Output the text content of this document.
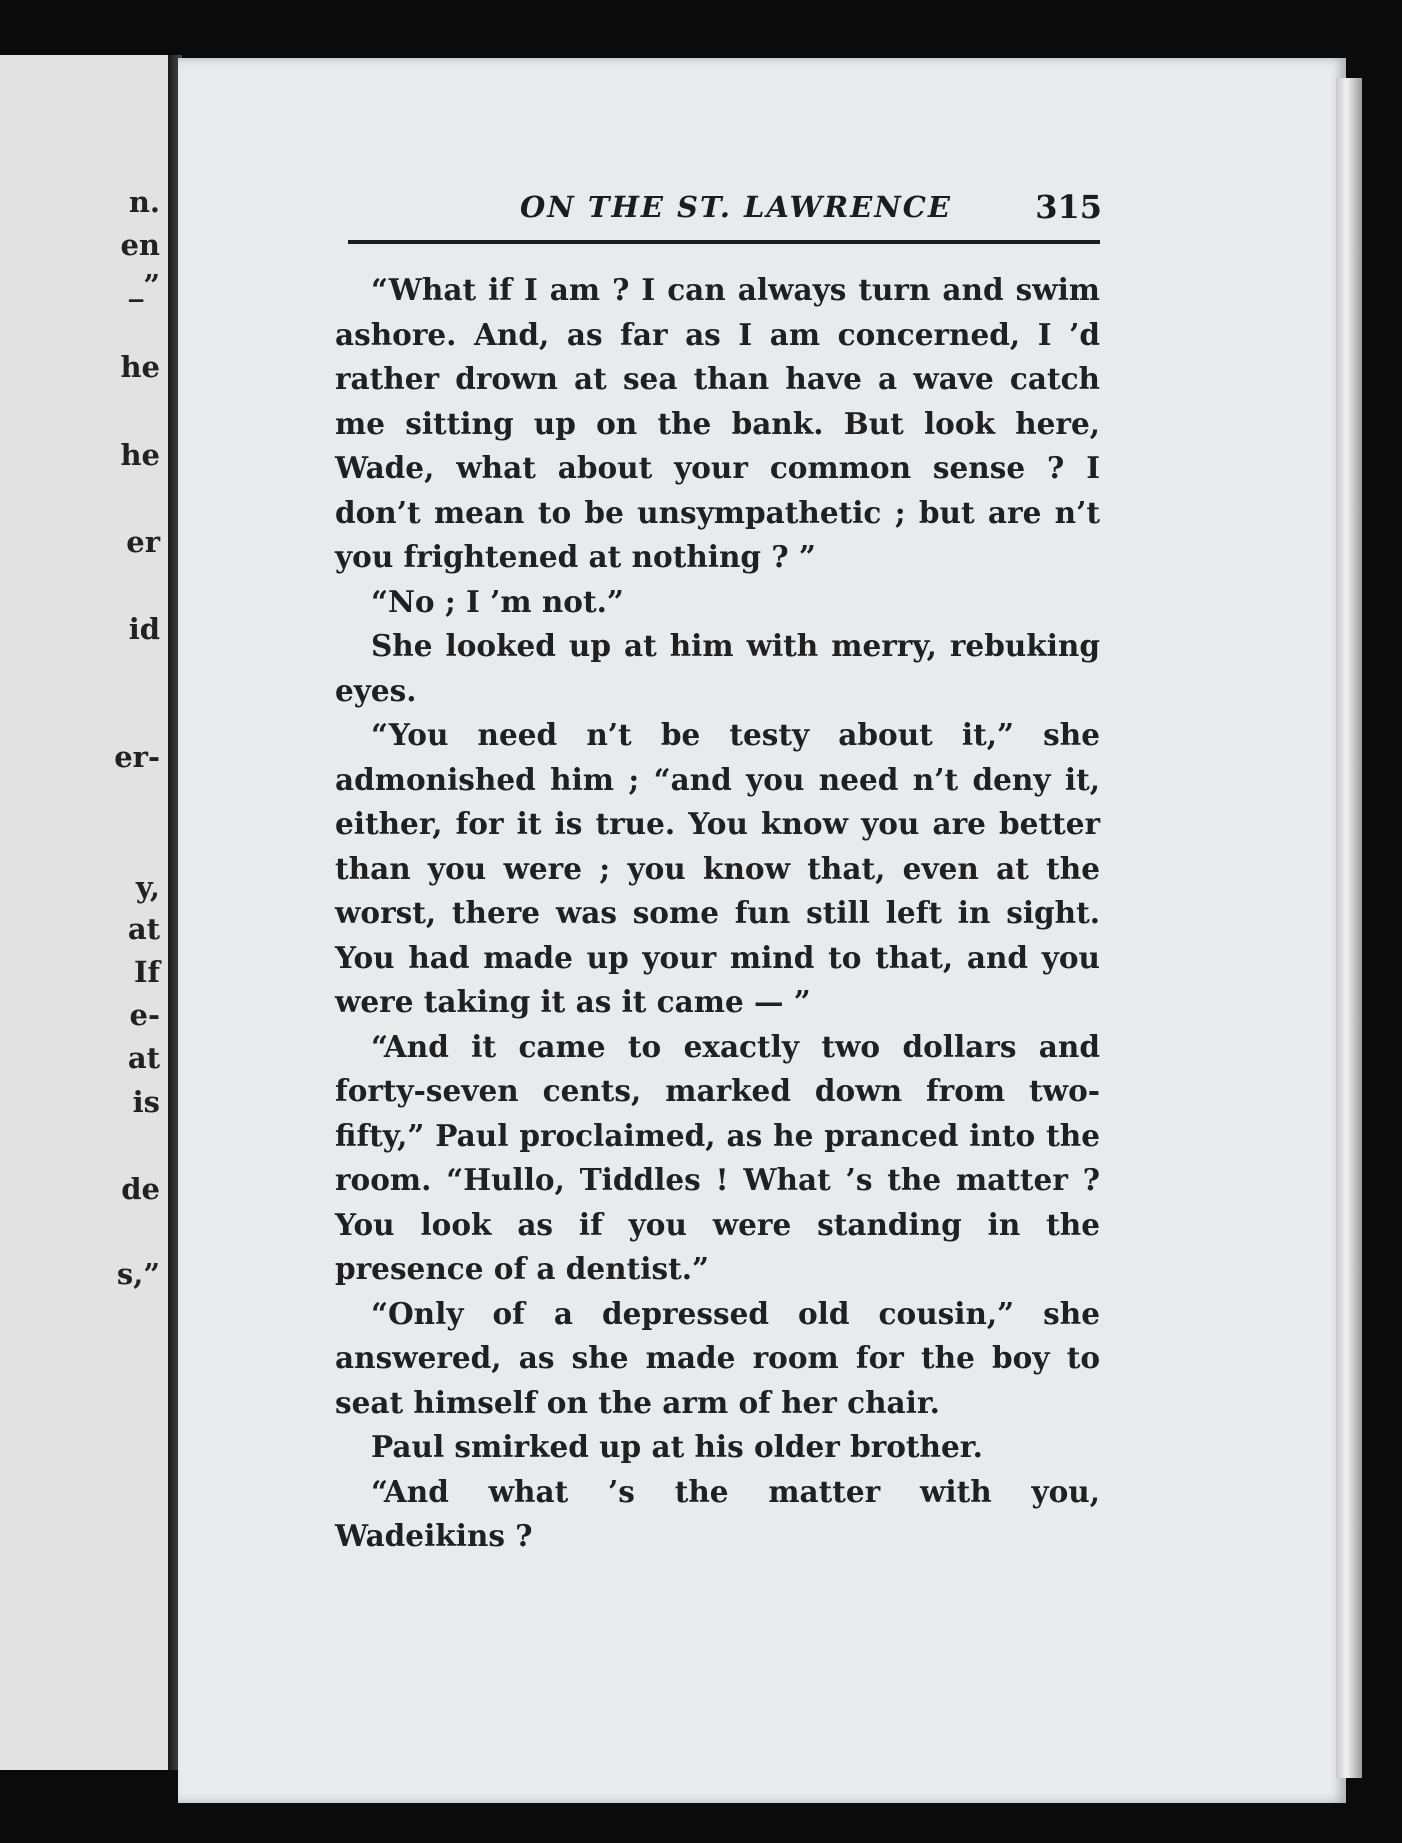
n.
en
_”
he
he
er
id
er-
y,
at
If
e-
at
is
de
s,”
ON THE ST. LAWRENCE	315

“What if I am ? I can always turn and swim ashore. And, as far as I am concerned, I ’d rather drown at sea than have a wave catch me sitting up on the bank. But look here, Wade, what about your common sense ? I don’t mean to be unsympathetic ; but are n’t you frightened at nothing ? ”

“No ; I ’m not.”

She looked up at him with merry, rebuking eyes.

“You need n’t be testy about it,” she admonished him ; “and you need n’t deny it, either, for it is true. You know you are better than you were ; you know that, even at the worst, there was some fun still left in sight. You had made up your mind to that, and you were taking it as it came — ”

“And it came to exactly two dollars and forty-seven cents, marked down from two-fifty,” Paul proclaimed, as he pranced into the room. “Hullo, Tiddles ! What ’s the matter ? You look as if you were standing in the presence of a dentist.”

“Only of a depressed old cousin,” she answered, as she made room for the boy to seat himself on the arm of her chair.

Paul smirked up at his older brother.

“And what ’s the matter with you, Wadeikins ?
